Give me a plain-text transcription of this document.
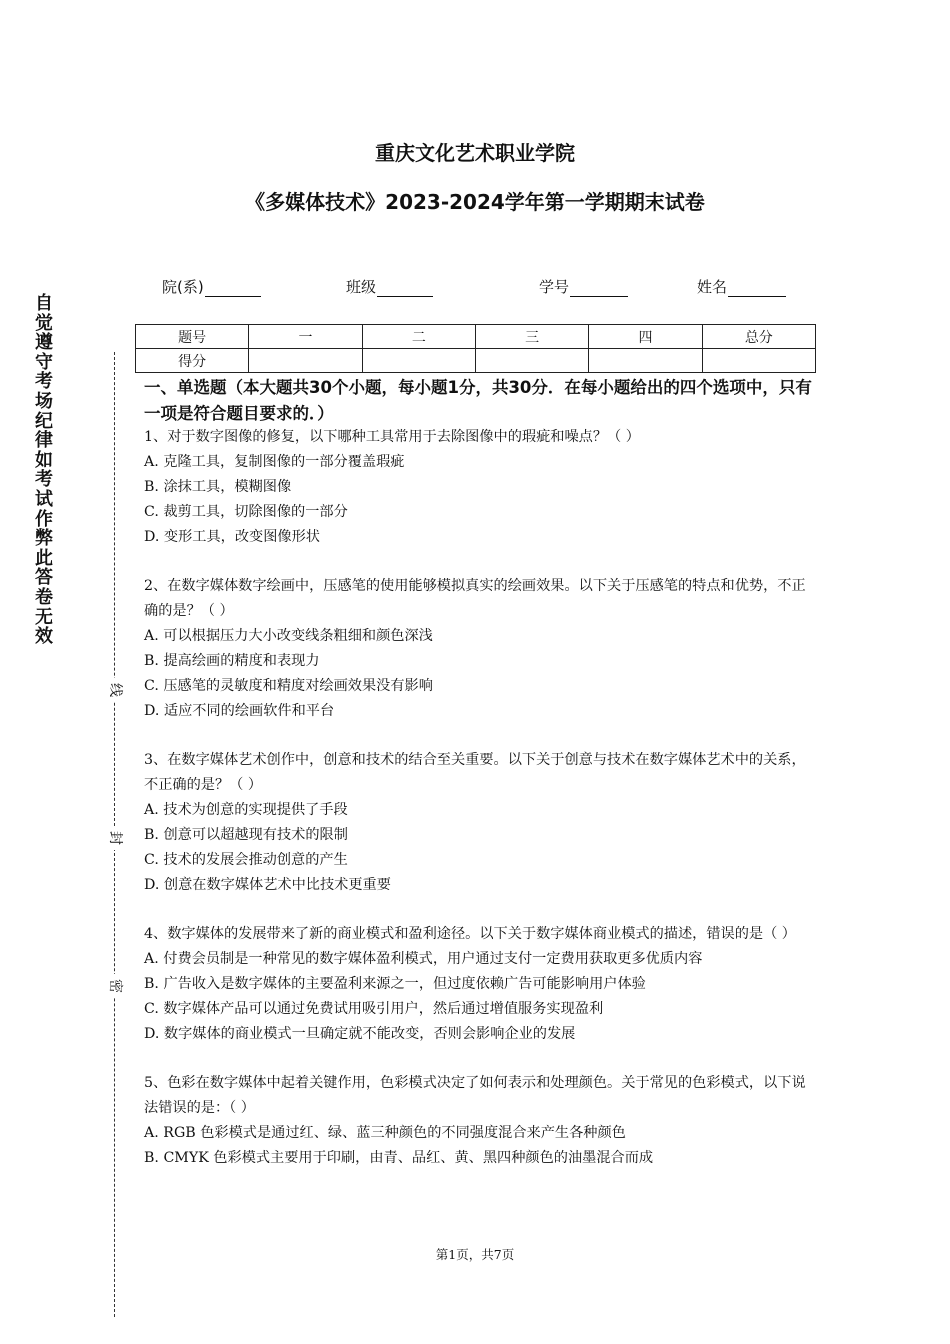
重庆文化艺术职业学院
《多媒体技术》2023-2024学年第一学期期末试卷
院(系)	班级	学号	姓名
题号	一	二	三	四	总分
得分					
自觉遵守考场纪律如考试作弊此答卷无效
线
封
密
一、单选题（本大题共30个小题，每小题1分，共30分．在每小题给出的四个选项中，只有一项是符合题目要求的．）
1、对于数字图像的修复，以下哪种工具常用于去除图像中的瑕疵和噪点？（ ）
A. 克隆工具，复制图像的一部分覆盖瑕疵
B. 涂抹工具，模糊图像
C. 裁剪工具，切除图像的一部分
D. 变形工具，改变图像形状
2、在数字媒体数字绘画中，压感笔的使用能够模拟真实的绘画效果。以下关于压感笔的特点和优势，不正确的是？（ ）
A. 可以根据压力大小改变线条粗细和颜色深浅
B. 提高绘画的精度和表现力
C. 压感笔的灵敏度和精度对绘画效果没有影响
D. 适应不同的绘画软件和平台
3、在数字媒体艺术创作中，创意和技术的结合至关重要。以下关于创意与技术在数字媒体艺术中的关系，不正确的是？（ ）
A. 技术为创意的实现提供了手段
B. 创意可以超越现有技术的限制
C. 技术的发展会推动创意的产生
D. 创意在数字媒体艺术中比技术更重要
4、数字媒体的发展带来了新的商业模式和盈利途径。以下关于数字媒体商业模式的描述，错误的是（ ）
A. 付费会员制是一种常见的数字媒体盈利模式，用户通过支付一定费用获取更多优质内容
B. 广告收入是数字媒体的主要盈利来源之一，但过度依赖广告可能影响用户体验
C. 数字媒体产品可以通过免费试用吸引用户，然后通过增值服务实现盈利
D. 数字媒体的商业模式一旦确定就不能改变，否则会影响企业的发展
5、色彩在数字媒体中起着关键作用，色彩模式决定了如何表示和处理颜色。关于常见的色彩模式，以下说法错误的是：（ ）
A. RGB 色彩模式是通过红、绿、蓝三种颜色的不同强度混合来产生各种颜色
B. CMYK 色彩模式主要用于印刷，由青、品红、黄、黑四种颜色的油墨混合而成
第1页，共7页
